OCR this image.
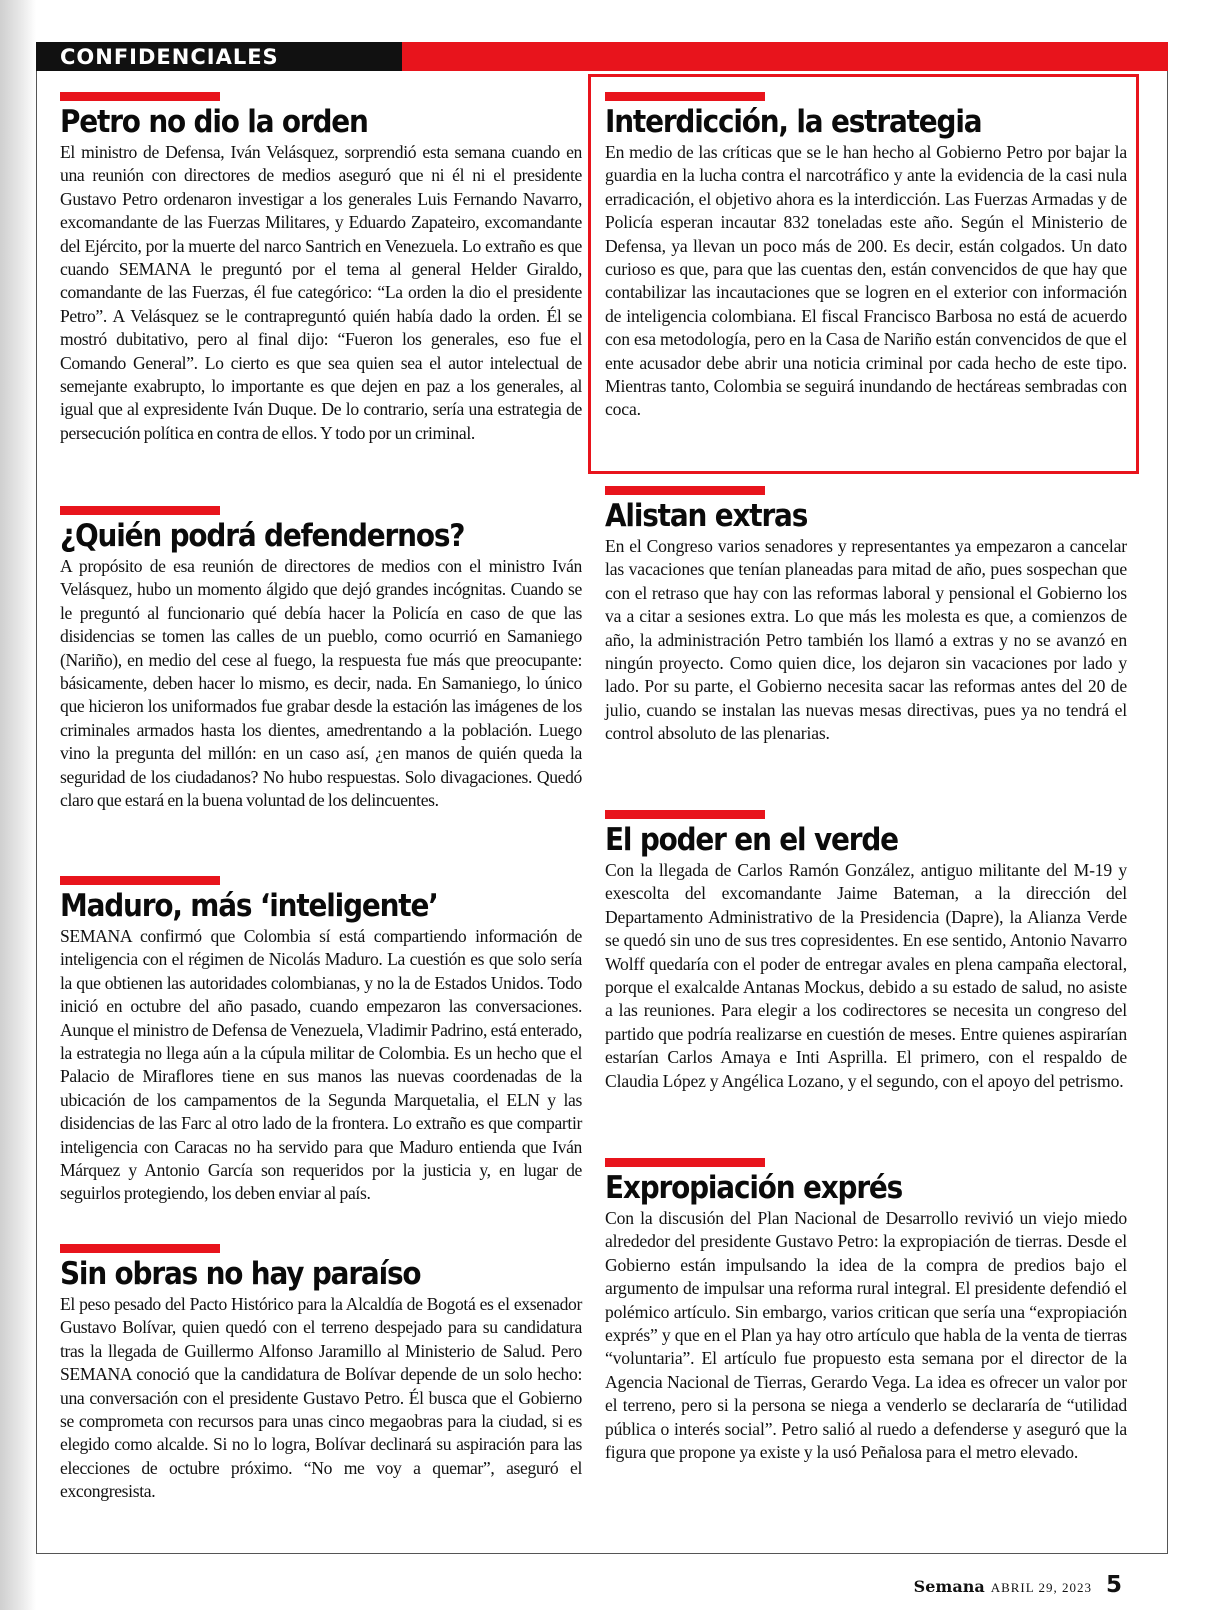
CONFIDENCIALES
Petro no dio la orden

El ministro de Defensa, Iván Velásquez, sorprendió esta semana cuando en una reunión con directores de medios aseguró que ni él ni el presidente Gustavo Petro ordenaron investigar a los generales Luis Fernando Navarro, excomandante de las Fuerzas Militares, y Eduardo Zapateiro, excomandante del Ejército, por la muerte del narco Santrich en Venezuela. Lo extraño es que cuando SEMANA le preguntó por el tema al general Helder Giraldo, comandante de las Fuerzas, él fue categórico: “La orden la dio el presidente Petro”. A Velásquez se le contrapreguntó quién había dado la orden. Él se mostró dubitativo, pero al final dijo: “Fueron los generales, eso fue el Comando General”. Lo cierto es que sea quien sea el autor intelectual de semejante exabrupto, lo importante es que dejen en paz a los generales, al igual que al expresidente Iván Duque. De lo contrario, sería una estrategia de persecución política en contra de ellos. Y todo por un criminal.

¿Quién podrá defendernos?

A propósito de esa reunión de directores de medios con el ministro Iván Velásquez, hubo un momento álgido que dejó grandes incógnitas. Cuando se le preguntó al funcionario qué debía hacer la Policía en caso de que las disidencias se tomen las calles de un pueblo, como ocurrió en Samaniego (Nariño), en medio del cese al fuego, la respuesta fue más que preocupante: básicamente, deben hacer lo mismo, es decir, nada. En Samaniego, lo único que hicieron los uniformados fue grabar desde la estación las imágenes de los criminales armados hasta los dientes, amedrentando a la población. Luego vino la pregunta del millón: en un caso así, ¿en manos de quién queda la seguridad de los ciudadanos? No hubo respuestas. Solo divagaciones. Quedó claro que estará en la buena voluntad de los delincuentes.

Maduro, más ‘inteligente’

SEMANA confirmó que Colombia sí está compartiendo información de inteligencia con el régimen de Nicolás Maduro. La cuestión es que solo sería la que obtienen las autoridades colombianas, y no la de Estados Unidos. Todo inició en octubre del año pasado, cuando empezaron las conversaciones. Aunque el ministro de Defensa de Venezuela, Vladimir Padrino, está enterado, la estrategia no llega aún a la cúpula militar de Colombia. Es un hecho que el Palacio de Miraflores tiene en sus manos las nuevas coordenadas de la ubicación de los campamentos de la Segunda Marquetalia, el ELN y las disidencias de las Farc al otro lado de la frontera. Lo extraño es que compartir inteligencia con Caracas no ha servido para que Maduro entienda que Iván Márquez y Antonio García son requeridos por la justicia y, en lugar de seguirlos protegiendo, los deben enviar al país.

Sin obras no hay paraíso

El peso pesado del Pacto Histórico para la Alcaldía de Bogotá es el exsenador Gustavo Bolívar, quien quedó con el terreno despejado para su candidatura tras la llegada de Guillermo Alfonso Jaramillo al Ministerio de Salud. Pero SEMANA conoció que la candidatura de Bolívar depende de un solo hecho: una conversación con el presidente Gustavo Petro. Él busca que el Gobierno se comprometa con recursos para unas cinco megaobras para la ciudad, si es elegido como alcalde. Si no lo logra, Bolívar declinará su aspiración para las elecciones de octubre próximo. “No me voy a quemar”, aseguró el excongresista.

Interdicción, la estrategia

En medio de las críticas que se le han hecho al Gobierno Petro por bajar la guardia en la lucha contra el narcotráfico y ante la evidencia de la casi nula erradicación, el objetivo ahora es la interdicción. Las Fuerzas Armadas y de Policía esperan incautar 832 toneladas este año. Según el Ministerio de Defensa, ya llevan un poco más de 200. Es decir, están colgados. Un dato curioso es que, para que las cuentas den, están convencidos de que hay que contabilizar las incautaciones que se logren en el exterior con información de inteligencia colombiana. El fiscal Francisco Barbosa no está de acuerdo con esa metodología, pero en la Casa de Nariño están convencidos de que el ente acusador debe abrir una noticia criminal por cada hecho de este tipo. Mientras tanto, Colombia se seguirá inundando de hectáreas sembradas con coca.

Alistan extras

En el Congreso varios senadores y representantes ya empezaron a cancelar las vacaciones que tenían planeadas para mitad de año, pues sospechan que con el retraso que hay con las reformas laboral y pensional el Gobierno los va a citar a sesiones extra. Lo que más les molesta es que, a comienzos de año, la administración Petro también los llamó a extras y no se avanzó en ningún proyecto. Como quien dice, los dejaron sin vacaciones por lado y lado. Por su parte, el Gobierno necesita sacar las reformas antes del 20 de julio, cuando se instalan las nuevas mesas directivas, pues ya no tendrá el control absoluto de las plenarias.

El poder en el verde

Con la llegada de Carlos Ramón González, antiguo militante del M-19 y exescolta del excomandante Jaime Bateman, a la dirección del Departamento Administrativo de la Presidencia (Dapre), la Alianza Verde se quedó sin uno de sus tres copresidentes. En ese sentido, Antonio Navarro Wolff quedaría con el poder de entregar avales en plena campaña electoral, porque el exalcalde Antanas Mockus, debido a su estado de salud, no asiste a las reuniones. Para elegir a los codirectores se necesita un congreso del partido que podría realizarse en cuestión de meses. Entre quienes aspirarían estarían Carlos Amaya e Inti Asprilla. El primero, con el respaldo de Claudia López y Angélica Lozano, y el segundo, con el apoyo del petrismo.

Expropiación exprés

Con la discusión del Plan Nacional de Desarrollo revivió un viejo miedo alrededor del presidente Gustavo Petro: la expropiación de tierras. Desde el Gobierno están impulsando la idea de la compra de predios bajo el argumento de impulsar una reforma rural integral. El presidente defendió el polémico artículo. Sin embargo, varios critican que sería una “expropiación exprés” y que en el Plan ya hay otro artículo que habla de la venta de tierras “voluntaria”. El artículo fue propuesto esta semana por el director de la Agencia Nacional de Tierras, Gerardo Vega. La idea es ofrecer un valor por el terreno, pero si la persona se niega a venderlo se declararía de “utilidad pública o interés social”. Petro salió al ruedo a defenderse y aseguró que la figura que propone ya existe y la usó Peñalosa para el metro elevado.

Semana ABRIL 29, 2023 5
